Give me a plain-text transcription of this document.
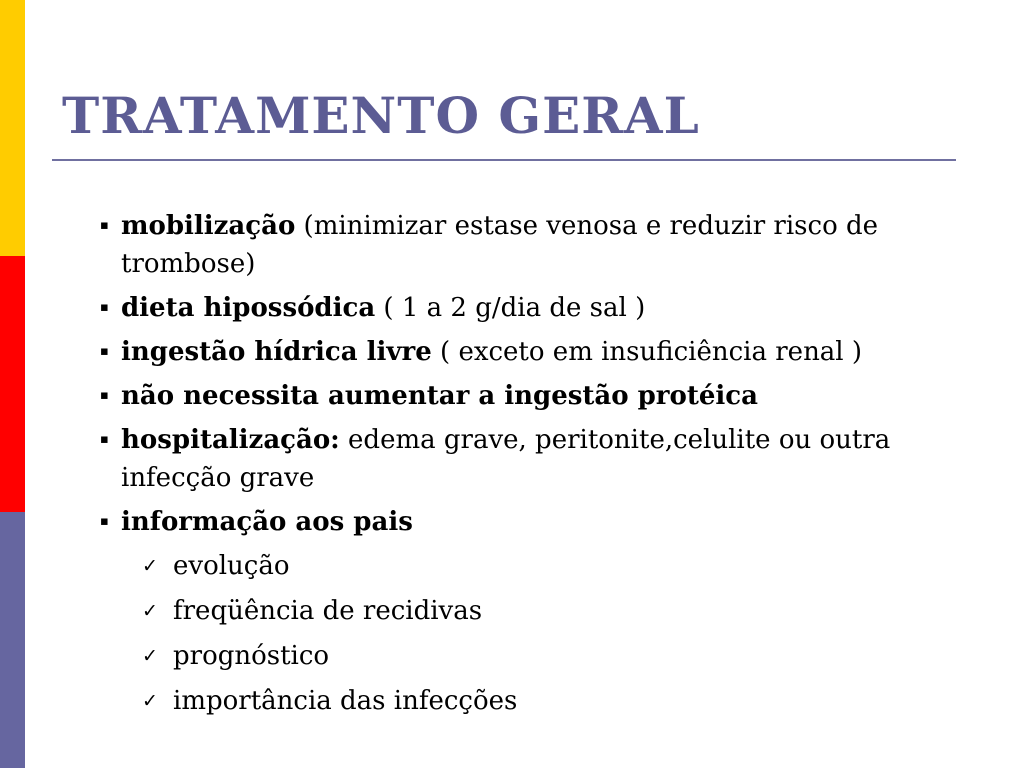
TRATAMENTO GERAL

▪ mobilização (minimizar estase venosa e reduzir risco de trombose)

▪ dieta hipossódica ( 1 a 2 g/dia de sal )

▪ ingestão hídrica livre ( exceto em insuficiência renal )

▪ não necessita aumentar a ingestão protéica

▪ hospitalização: edema grave, peritonite,celulite ou outra infecção grave

▪ informação aos pais

✓ evolução

✓ freqüência de recidivas

✓ prognóstico

✓ importância das infecções
